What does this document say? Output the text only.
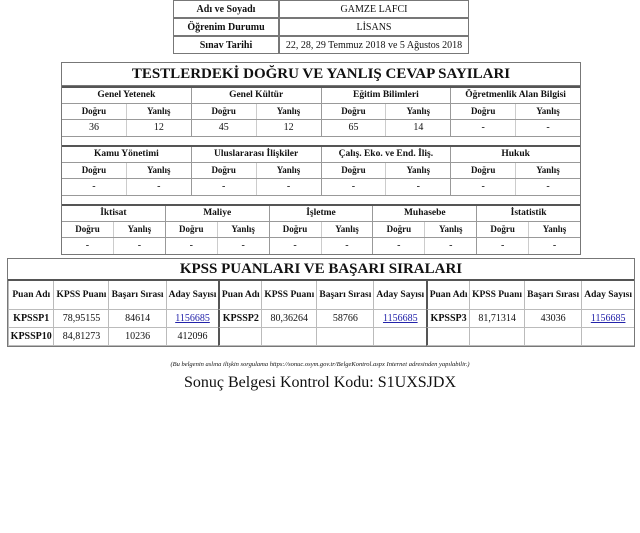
Adı ve Soyadı	GAMZE LAFCI
Öğrenim Durumu	LİSANS
Sınav Tarihi	22, 28, 29 Temmuz 2018 ve 5 Ağustos 2018
TESTLERDEKİ DOĞRU VE YANLIŞ CEVAP SAYILARI
Genel Yetenek
Doğru	Yanlış
36	12
Genel Kültür
Doğru	Yanlış
45	12
Eğitim Bilimleri
Doğru	Yanlış
65	14
Öğretmenlik Alan Bilgisi
Doğru	Yanlış
-	-
Kamu Yönetimi
Doğru	Yanlış
-	-
Uluslararası İlişkiler
Doğru	Yanlış
-	-
Çalış. Eko. ve End. İliş.
Doğru	Yanlış
-	-
Hukuk
Doğru	Yanlış
-	-
İktisat
Doğru	Yanlış
-	-
Maliye
Doğru	Yanlış
-	-
İşletme
Doğru	Yanlış
-	-
Muhasebe
Doğru	Yanlış
-	-
İstatistik
Doğru	Yanlış
-	-
KPSS PUANLARI VE BAŞARI SIRALARI
Puan Adı	KPSS Puanı	Başarı Sırası	Aday Sayısı	Puan Adı	KPSS Puanı	Başarı Sırası	Aday Sayısı	Puan Adı	KPSS Puanı	Başarı Sırası	Aday Sayısı
KPSSP1	78,95155	84614	1156685	KPSSP2	80,36264	58766	1156685	KPSSP3	81,71314	43036	1156685
KPSSP10	84,81273	10236	412096								
(Bu belgenin aslına ilişkin sorgulama https://sonuc.osym.gov.tr/BelgeKontrol.aspx Internet adresinden yapılabilir.)
Sonuç Belgesi Kontrol Kodu: S1UXSJDX
